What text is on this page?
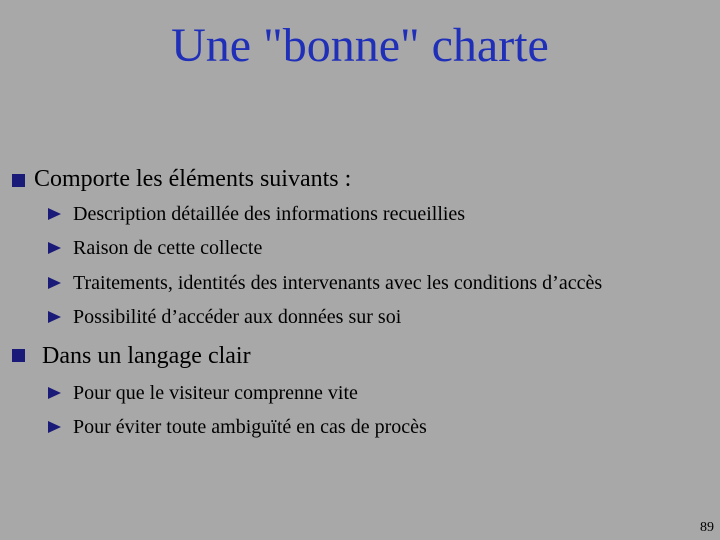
Une "bonne" charte
Comporte les éléments suivants :
Description détaillée des informations recueillies
Raison de cette collecte
Traitements, identités des intervenants avec les conditions d’accès
Possibilité d’accéder aux données sur soi
Dans un langage clair
Pour que le visiteur comprenne vite
Pour éviter toute ambiguïté en cas de procès
89
